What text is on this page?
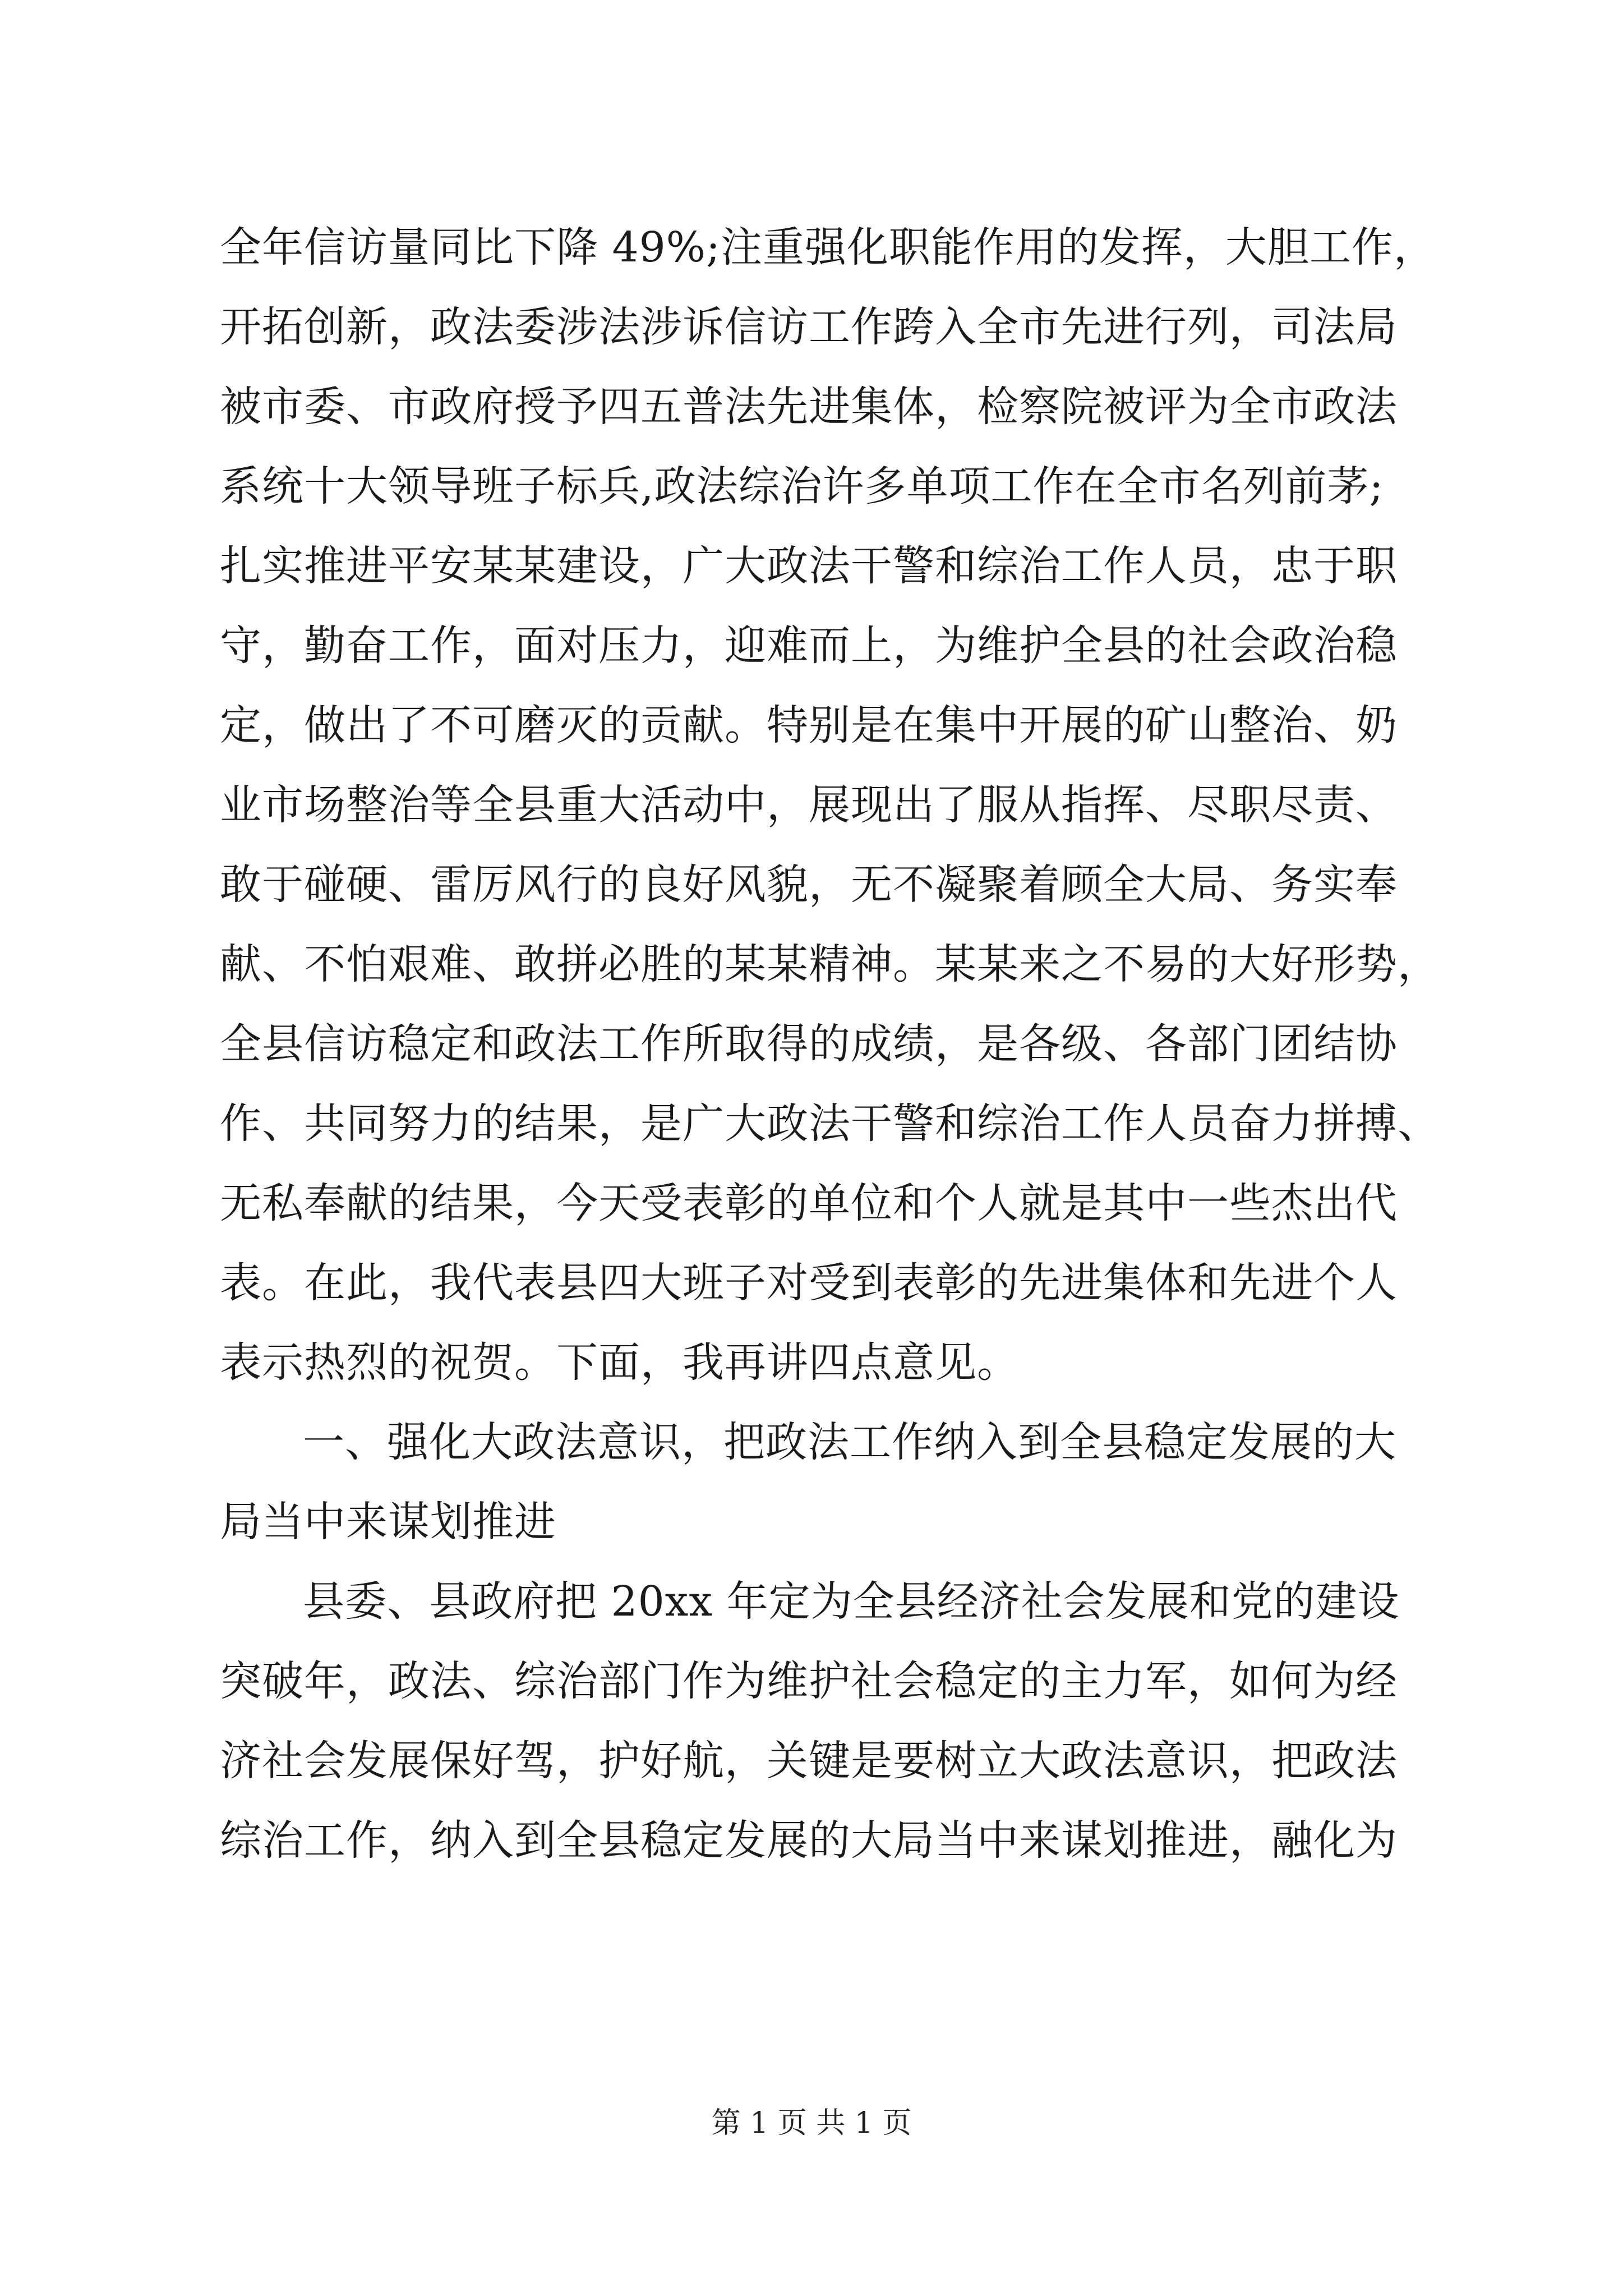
全年信访量同比下降 49%;注重强化职能作用的发挥，大胆工作，
开拓创新，政法委涉法涉诉信访工作跨入全市先进行列，司法局
被市委、市政府授予四五普法先进集体，检察院被评为全市政法
系统十大领导班子标兵,政法综治许多单项工作在全市名列前茅;
扎实推进平安某某建设，广大政法干警和综治工作人员，忠于职
守，勤奋工作，面对压力，迎难而上，为维护全县的社会政治稳
定，做出了不可磨灭的贡献。特别是在集中开展的矿山整治、奶
业市场整治等全县重大活动中，展现出了服从指挥、尽职尽责、
敢于碰硬、雷厉风行的良好风貌，无不凝聚着顾全大局、务实奉
献、不怕艰难、敢拼必胜的某某精神。某某来之不易的大好形势，
全县信访稳定和政法工作所取得的成绩，是各级、各部门团结协
作、共同努力的结果，是广大政法干警和综治工作人员奋力拼搏、
无私奉献的结果，今天受表彰的单位和个人就是其中一些杰出代
表。在此，我代表县四大班子对受到表彰的先进集体和先进个人
表示热烈的祝贺。下面，我再讲四点意见。
一、强化大政法意识，把政法工作纳入到全县稳定发展的大
局当中来谋划推进
县委、县政府把 20xx 年定为全县经济社会发展和党的建设
突破年，政法、综治部门作为维护社会稳定的主力军，如何为经
济社会发展保好驾，护好航，关键是要树立大政法意识，把政法
综治工作，纳入到全县稳定发展的大局当中来谋划推进，融化为
第 1 页 共 1 页
